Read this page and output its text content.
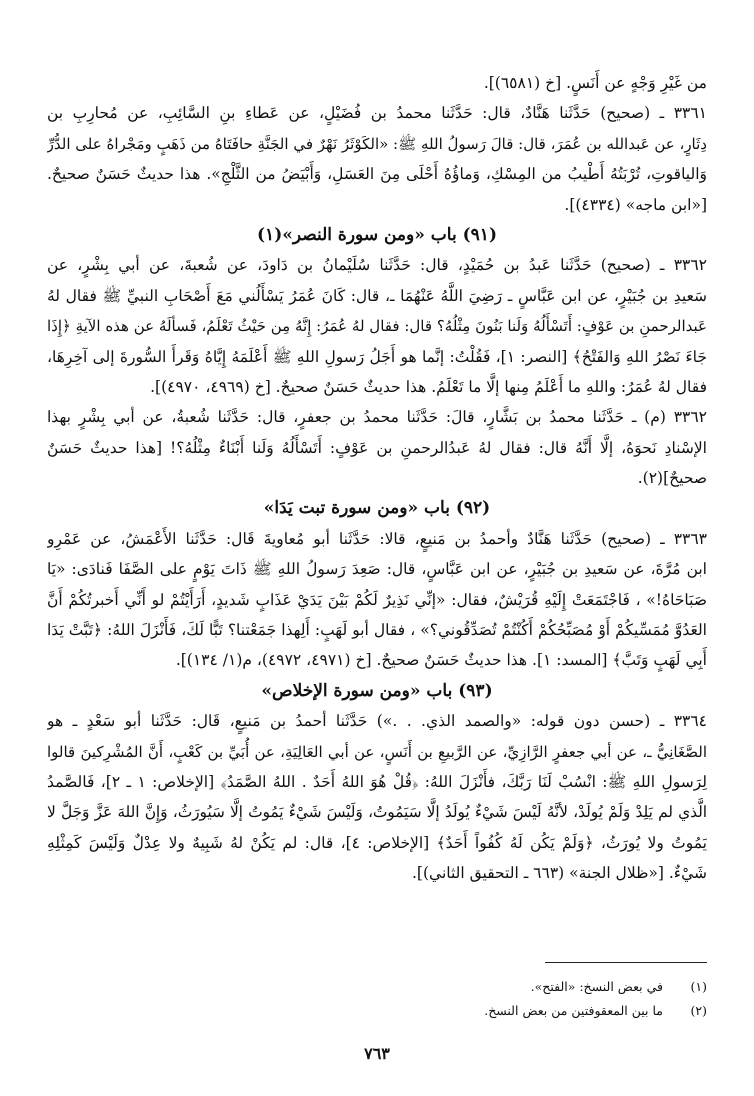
من غَيْرِ وَجْهٍ عن أَنَسٍ. [خ (٦٥٨١)].
٣٣٦١ ـ (صحيح) حَدَّثَنا هَنَّادٌ، قال: حَدَّثَنا محمدُ بن فُضَيْلٍ، عن عَطاءِ بنِ السَّائِبِ، عن مُحارِبِ بن
دِثَارٍ، عن عَبدالله بن عُمَرَ، قال: قالَ رَسولُ اللهِ ﷺ: «الكَوْثَرُ نَهْرٌ في الجَنَّةِ حافَتَاهُ من ذَهَبٍ ومَجْراهُ على الدُّرِّ
وَالياقوتِ، تُرْبَتُهُ أَطْيبُ من المِسْكِ، وَماؤُهُ أَحْلَى مِنَ العَسَلِ، وَأَبْيَضُ من الثَّلْجِ». هذا حديثٌ حَسَنٌ صحيحٌ.
[«ابن ماجه» (٤٣٣٤)].
(٩١) باب «ومن سورة النصر»(١)
٣٣٦٢ ـ (صحيح) حَدَّثَنا عَبدُ بن حُمَيْدٍ، قال: حَدَّثَنا سُلَيْمانُ بن دَاودَ، عن شُعبةَ، عن أبي بِشْرٍ، عن
سَعيدِ بن جُبَيْرٍ، عن ابن عَبَّاسٍ ـ رَضِيَ اللَّهُ عَنْهُمَا ـ، قال: كَانَ عُمَرُ يَسْأَلُني مَعَ أَصْحَابِ النبيِّ ﷺ فقال لهُ
عَبدالرحمنِ بن عَوْفٍ: أَتَسْأَلُهُ وَلَنا بَنُونَ مِثْلُهُ؟ قال: فقال لهُ عُمَرُ: إِنَّهُ مِن حَيْثُ تَعْلَمُ، فَسألَهُ عن هذه الآيةِ ﴿إِذَا
جَاءَ نَصْرُ اللهِ وَالفَتْحُ﴾ [النصر: ١]، فَقُلْتُ: إنَّما هو أَجَلُ رَسولِ اللهِ ﷺ أَعْلَمَهُ إِيَّاهُ وَقَرأَ السُّورةَ إلى آخِرِهَا،
فقال لهُ عُمَرُ: واللهِ ما أَعْلَمُ مِنها إلَّا ما تَعْلَمُ. هذا حديثٌ حَسَنٌ صحيحٌ. [خ (٤٩٦٩، ٤٩٧٠)].
٣٣٦٢ (م) ـ حَدَّثَنا محمدُ بن بَشَّارٍ، قالَ: حَدَّثَنا محمدُ بن جعفرٍ، قال: حَدَّثَنا شُعبةُ، عن أبي بِشْرٍ بهذا
الإسْنادِ نَحوَهُ، إلَّا أَنَّهُ قال: فقال لهُ عَبدُالرحمنِ بن عَوْفٍ: أَتَسْأَلُهُ وَلَنا أَبْنَاءٌ مِثْلُهُ؟! [هذا حديثٌ حَسَنٌ
صحيحٌ](٢).
(٩٢) باب «ومن سورة تبت يَدَا»
٣٣٦٣ ـ (صحيح) حَدَّثَنا هَنَّادٌ وأحمدُ بن مَنيعٍ، قالا: حَدَّثَنا أبو مُعاويةَ قَال: حَدَّثَنا الأَعْمَشُ، عن عَمْرِو
ابن مُرَّةَ، عن سَعيدِ بن جُبَيْرٍ، عن ابن عَبَّاسٍ، قال: صَعِدَ رَسولُ اللهِ ﷺ ذَاتَ يَوْمٍ على الصَّفَا فَنادَى: «يَا
صَبَاحَاهُ!» ، فَاجْتَمَعَتْ إِلَيْهِ قُرَيْشٌ، فقال: «إنِّي نَذِيرٌ لَكُمْ بَيْنَ يَدَيْ عَذَابٍ شَديدٍ، أَرَأَيْتُمْ لو أَنِّي أَخبرتُكُمْ أَنَّ
العَدُوَّ مُمَسِّيكُمْ أَوْ مُصَبِّحُكُمْ أَكُنْتُمْ تُصَدِّقُوني؟» ، فقال أبو لَهَبٍ: أَلِهذا جَمَعْتنا؟ تَبًّا لَكَ، فَأَنْزَلَ اللهُ: ﴿تَبَّتْ يَدَا
أَبِي لَهَبٍ وَتَبَّ﴾ [المسد: ١]. هذا حديثٌ حَسَنٌ صحيحٌ. [خ (٤٩٧١، ٤٩٧٢)، م(١/ ١٣٤)].
(٩٣) باب «ومن سورة الإخلاص»
٣٣٦٤ ـ (حسن دون قوله: «والصمد الذي. . .») حَدَّثَنا أحمدُ بن مَنيعٍ، قَال: حَدَّثَنا أبو سَعْدٍ ـ هو
الصَّغَانِيُّ ـ، عن أبي جعفرٍ الرَّازِيِّ، عن الرَّبيعِ بن أَنَسٍ، عن أبي العَالِيَةِ، عن أُبَيِّ بن كَعْبٍ، أَنَّ المُشْرِكينَ قالوا
لِرَسولِ اللهِ ﷺ: انْسُبْ لَنَا رَبَّكَ، فأَنْزَلَ اللهُ: ﴿قُلْ هُوَ اللهُ أَحَدٌ . اللهُ الصَّمَدُ﴾ [الإخلاص: ١ ـ ٢]، فَالصَّمدُ
الَّذي لم يَلِدْ وَلَمْ يُولَدْ، لأنَّهُ لَيْسَ شَيْءٌ يُولَدُ إلَّا سَيَمُوتُ، وَلَيْسَ شَيْءٌ يَمُوتُ إلَّا سَيُورَثُ، وَإِنَّ اللهَ عَزَّ وَجَلَّ لا
يَمُوتُ ولا يُورَثُ، ﴿وَلَمْ يَكُن لَهُ كُفُواً أَحَدٌ﴾ [الإخلاص: ٤]، قال: لم يَكُنْ لهُ شَبِيهٌ ولا عِدْلٌ وَلَيْسَ كَمِثْلِهِ
شَيْءٌ. [«ظلال الجنة» (٦٦٣ ـ التحقيق الثاني)].
(١)
في بعض النسخ: «الفتح».
(٢)
ما بين المعقوفتين من بعض النسخ.
٧٦٣
